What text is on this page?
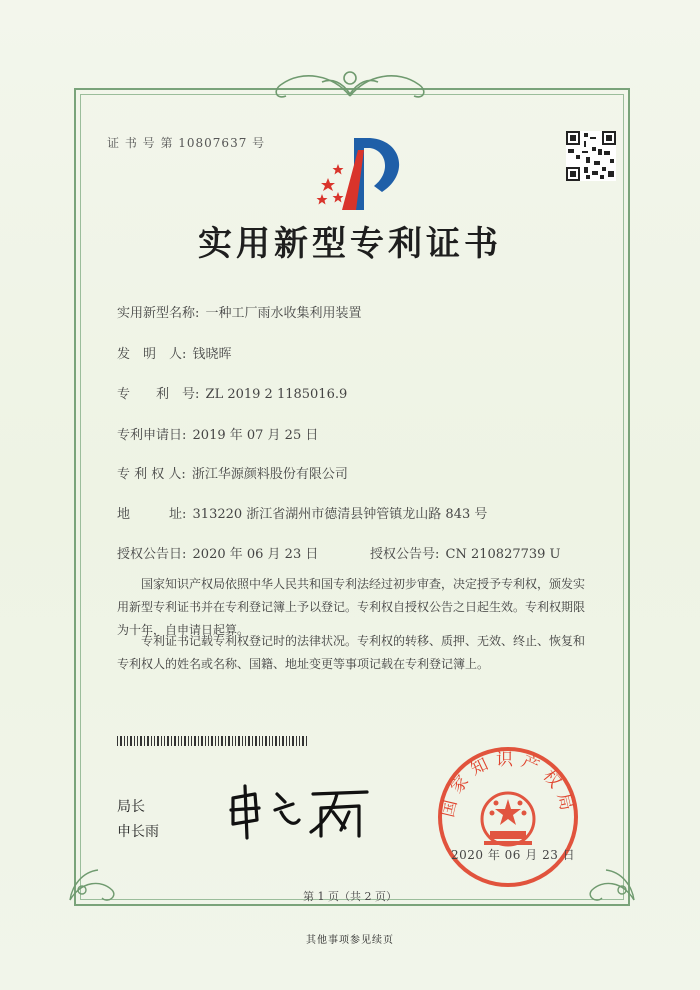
证 书 号 第 10807637 号
实用新型专利证书
实用新型名称: 一种工厂雨水收集利用装置
发　明　人: 钱晓晖
专　　利　号: ZL 2019 2 1185016.9
专利申请日: 2019 年 07 月 25 日
专 利 权 人: 浙江华源颜料股份有限公司
地　　　址: 313220 浙江省湖州市德清县钟管镇龙山路 843 号
授权公告日: 2020 年 06 月 23 日	授权公告号: CN 210827739 U
国家知识产权局依照中华人民共和国专利法经过初步审查，决定授予专利权，颁发实用新型专利证书并在专利登记簿上予以登记。专利权自授权公告之日起生效。专利权期限为十年，自申请日起算。
专利证书记载专利权登记时的法律状况。专利权的转移、质押、无效、终止、恢复和专利权人的姓名或名称、国籍、地址变更等事项记载在专利登记簿上。
局长
申长雨
国家知识产权局
2020 年 06 月 23 日
第 1 页（共 2 页）
其他事项参见续页
